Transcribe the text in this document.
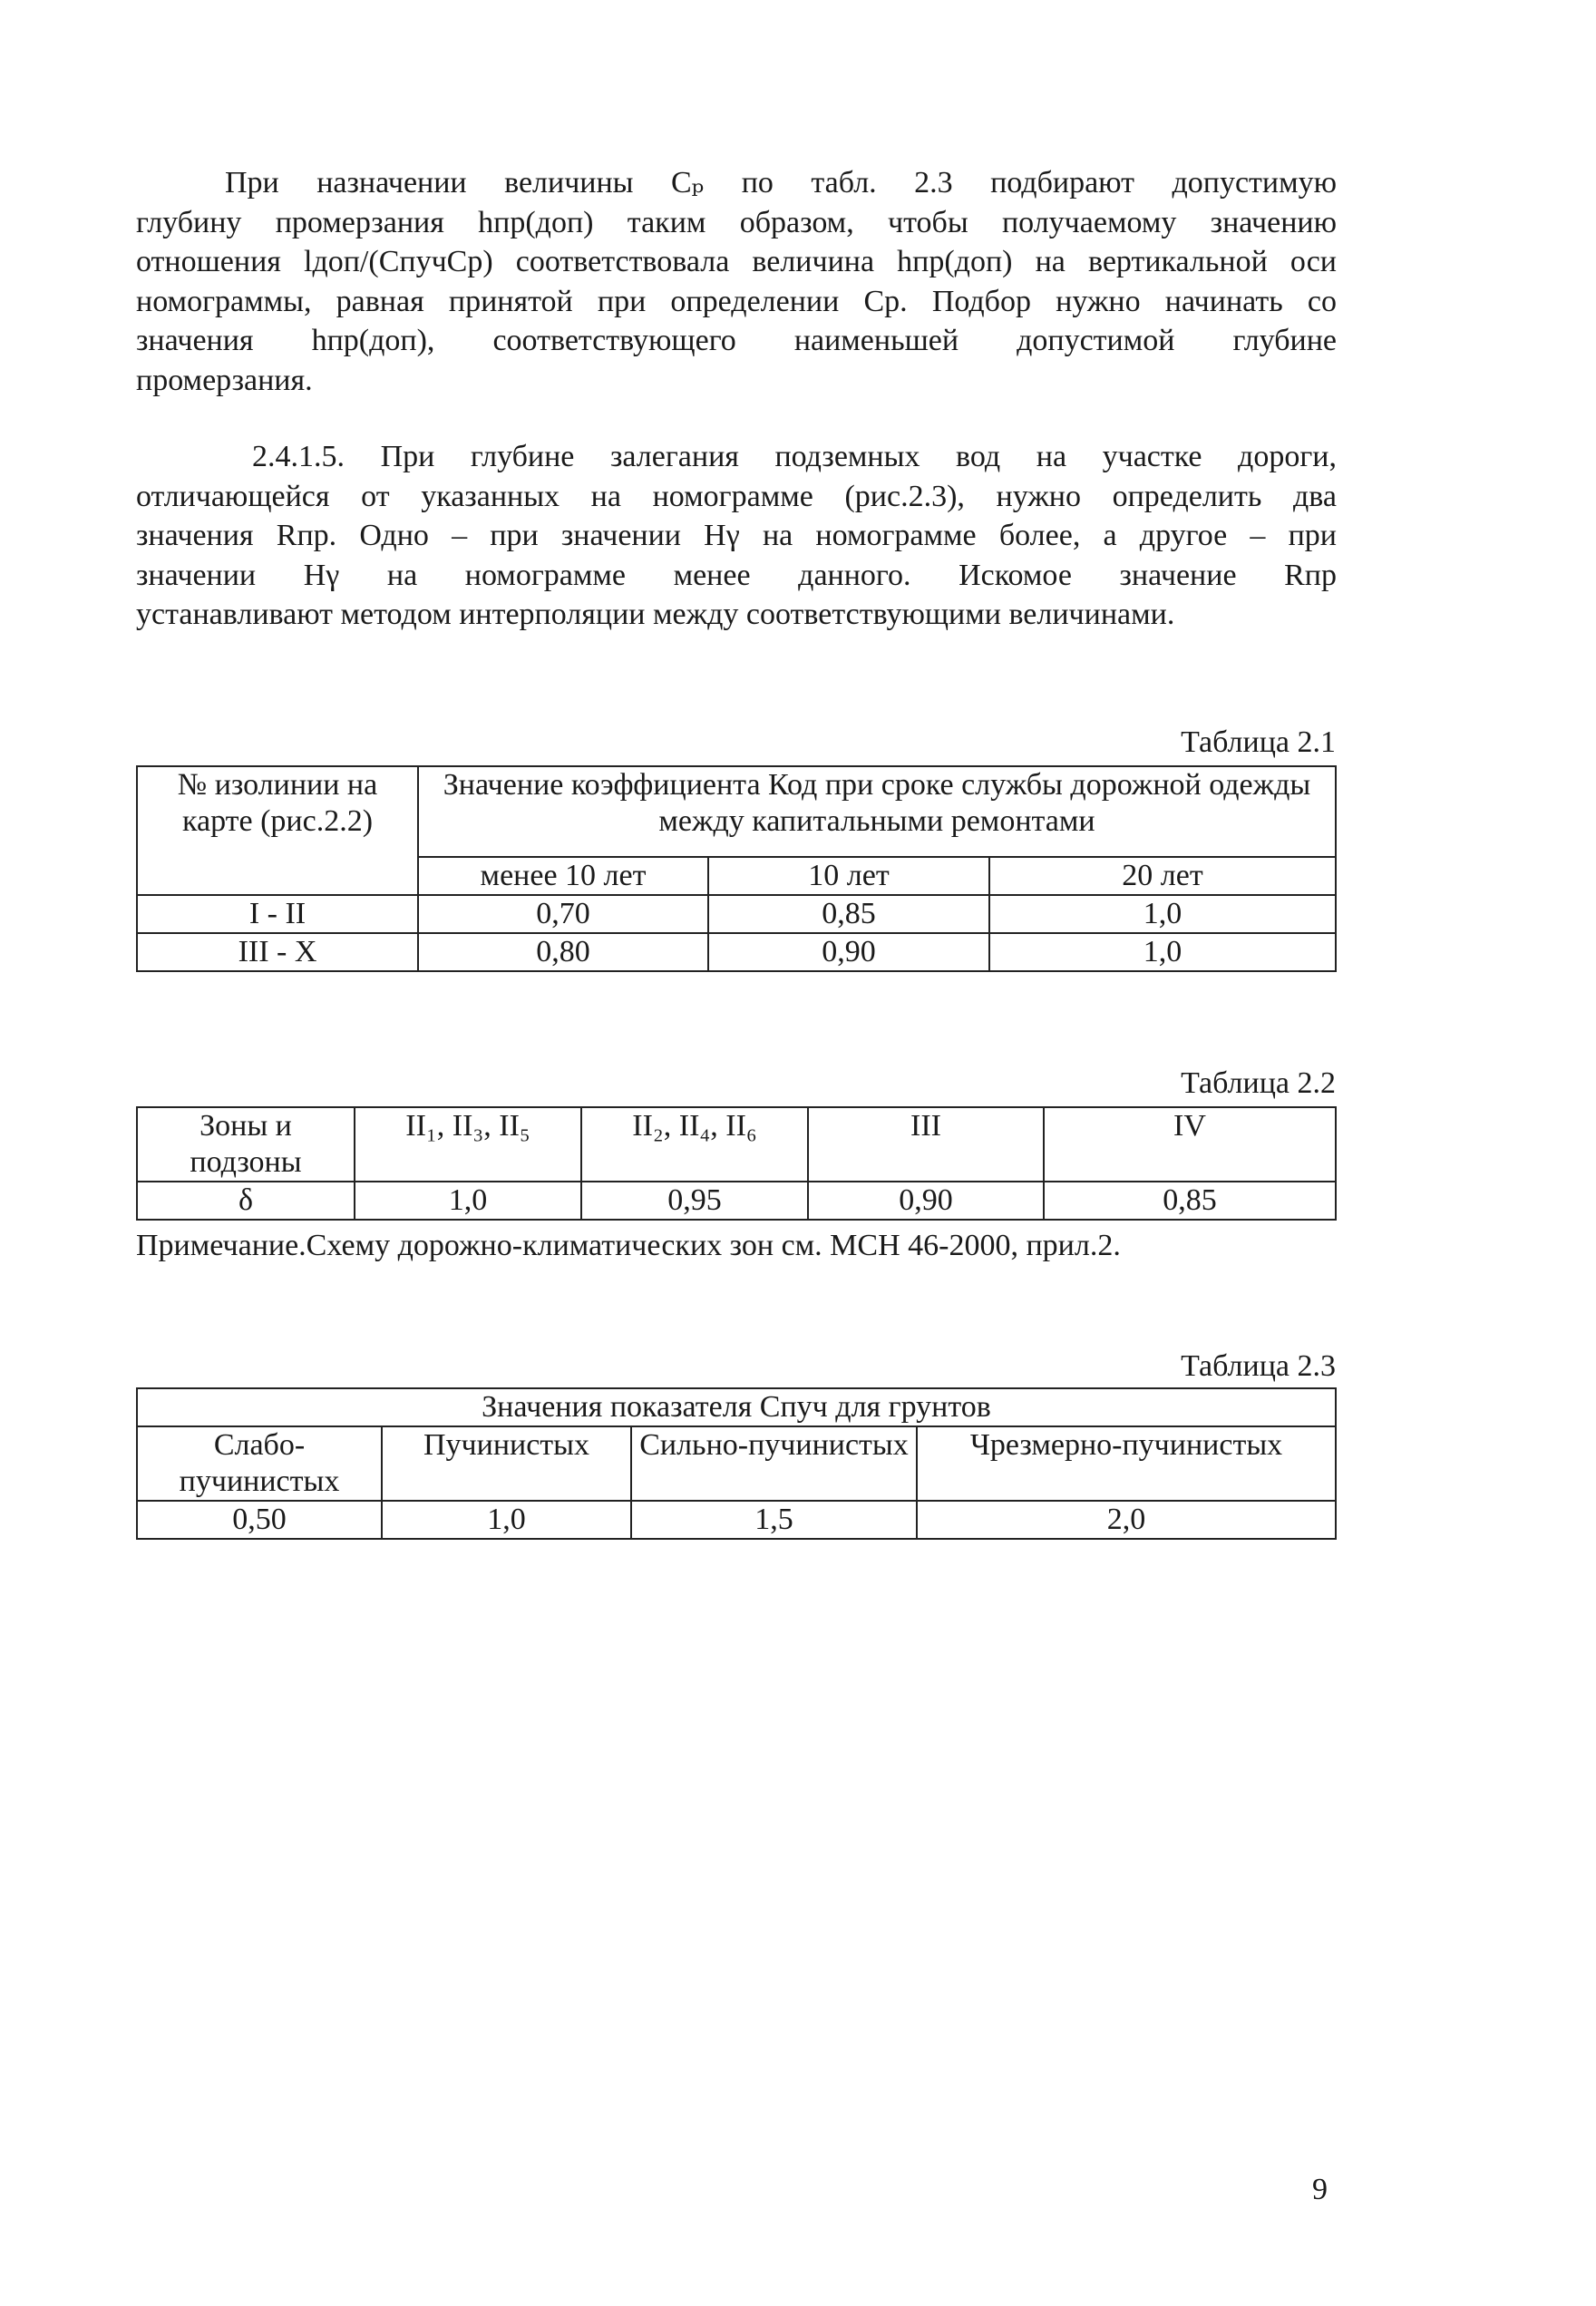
При назначении величины Сₚ по табл. 2.3 подбирают допустимую
глубину промерзания hпр(доп) таким образом, чтобы получаемому значению
отношения lдоп/(СпучСр) соответствовала величина hпр(доп) на вертикальной оси
номограммы, равная принятой при определении Ср. Подбор нужно начинать со
значения hпр(доп), соответствующего наименьшей допустимой глубине
промерзания.
2.4.1.5. При глубине залегания подземных вод на участке дороги,
отличающейся от указанных на номограмме (рис.2.3), нужно определить два
значения Rпр. Одно – при значении Hγ на номограмме более, а другое – при
значении Hγ на номограмме менее данного. Искомое значение Rпр
устанавливают методом интерполяции между соответствующими величинами.
Таблица 2.1
№ изолинии на карте (рис.2.2)	Значение коэффициента Код при сроке службы дорожной одежды между капитальными ремонтами		
	менее 10 лет	10 лет	20 лет
I - II	0,70	0,85	1,0
III - X	0,80	0,90	1,0
Таблица 2.2
Зоны и подзоны	II₁, II₃, II₅	II₂, II₄, II₆	III	IV
δ	1,0	0,95	0,90	0,85
Примечание.Схему дорожно-климатических зон см. МСН 46-2000, прил.2.
Таблица 2.3
Значения показателя Спуч для грунтов			
Слабо-пучинистых	Пучинистых	Сильно-пучинистых	Чрезмерно-пучинистых
0,50	1,0	1,5	2,0
9
